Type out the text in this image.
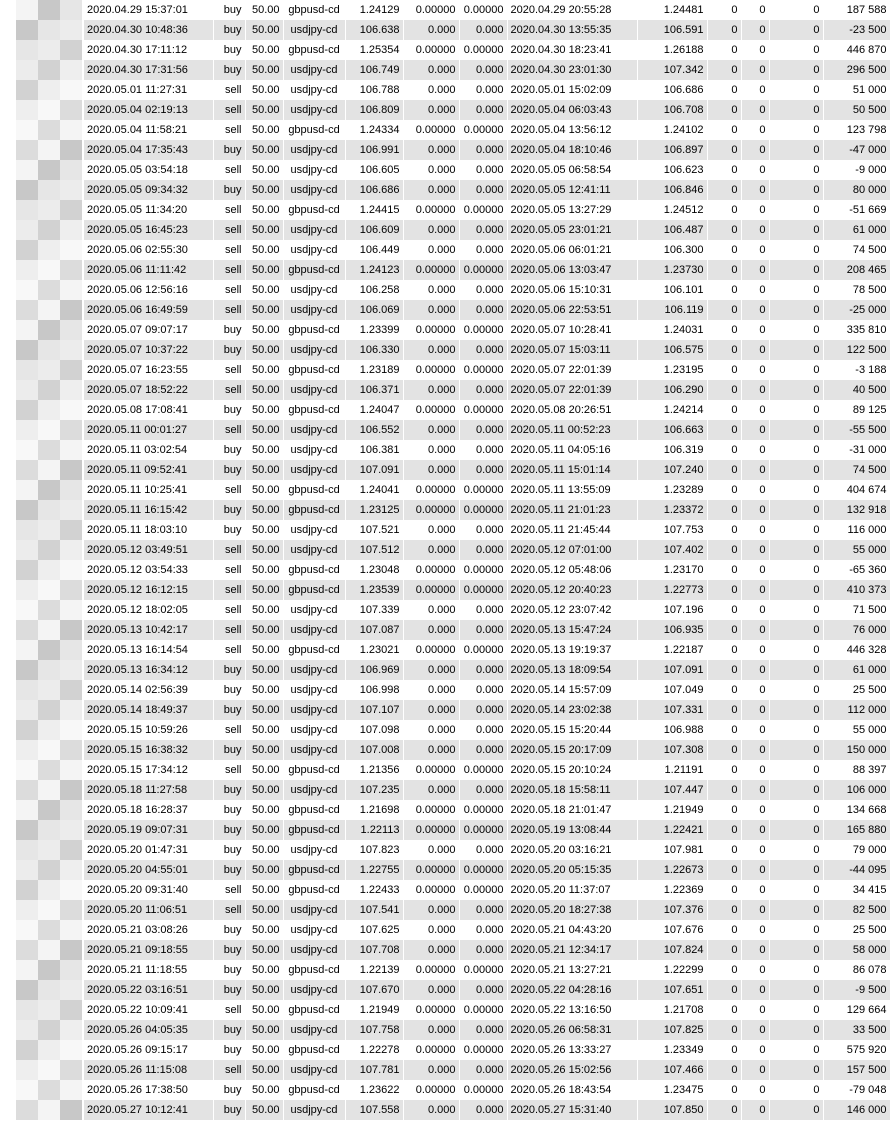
2020.04.29 15:37:01	buy	50.00	gbpusd-cd	1.24129	0.00000	0.00000	2020.04.29 20:55:28	1.24481	0	0	0	187 588
2020.04.30 10:48:36	buy	50.00	usdjpy-cd	106.638	0.000	0.000	2020.04.30 13:55:35	106.591	0	0	0	-23 500
2020.04.30 17:11:12	buy	50.00	gbpusd-cd	1.25354	0.00000	0.00000	2020.04.30 18:23:41	1.26188	0	0	0	446 870
2020.04.30 17:31:56	buy	50.00	usdjpy-cd	106.749	0.000	0.000	2020.04.30 23:01:30	107.342	0	0	0	296 500
2020.05.01 11:27:31	sell	50.00	usdjpy-cd	106.788	0.000	0.000	2020.05.01 15:02:09	106.686	0	0	0	51 000
2020.05.04 02:19:13	sell	50.00	usdjpy-cd	106.809	0.000	0.000	2020.05.04 06:03:43	106.708	0	0	0	50 500
2020.05.04 11:58:21	sell	50.00	gbpusd-cd	1.24334	0.00000	0.00000	2020.05.04 13:56:12	1.24102	0	0	0	123 798
2020.05.04 17:35:43	buy	50.00	usdjpy-cd	106.991	0.000	0.000	2020.05.04 18:10:46	106.897	0	0	0	-47 000
2020.05.05 03:54:18	sell	50.00	usdjpy-cd	106.605	0.000	0.000	2020.05.05 06:58:54	106.623	0	0	0	-9 000
2020.05.05 09:34:32	buy	50.00	usdjpy-cd	106.686	0.000	0.000	2020.05.05 12:41:11	106.846	0	0	0	80 000
2020.05.05 11:34:20	sell	50.00	gbpusd-cd	1.24415	0.00000	0.00000	2020.05.05 13:27:29	1.24512	0	0	0	-51 669
2020.05.05 16:45:23	sell	50.00	usdjpy-cd	106.609	0.000	0.000	2020.05.05 23:01:21	106.487	0	0	0	61 000
2020.05.06 02:55:30	sell	50.00	usdjpy-cd	106.449	0.000	0.000	2020.05.06 06:01:21	106.300	0	0	0	74 500
2020.05.06 11:11:42	sell	50.00	gbpusd-cd	1.24123	0.00000	0.00000	2020.05.06 13:03:47	1.23730	0	0	0	208 465
2020.05.06 12:56:16	sell	50.00	usdjpy-cd	106.258	0.000	0.000	2020.05.06 15:10:31	106.101	0	0	0	78 500
2020.05.06 16:49:59	sell	50.00	usdjpy-cd	106.069	0.000	0.000	2020.05.06 22:53:51	106.119	0	0	0	-25 000
2020.05.07 09:07:17	buy	50.00	gbpusd-cd	1.23399	0.00000	0.00000	2020.05.07 10:28:41	1.24031	0	0	0	335 810
2020.05.07 10:37:22	buy	50.00	usdjpy-cd	106.330	0.000	0.000	2020.05.07 15:03:11	106.575	0	0	0	122 500
2020.05.07 16:23:55	sell	50.00	gbpusd-cd	1.23189	0.00000	0.00000	2020.05.07 22:01:39	1.23195	0	0	0	-3 188
2020.05.07 18:52:22	sell	50.00	usdjpy-cd	106.371	0.000	0.000	2020.05.07 22:01:39	106.290	0	0	0	40 500
2020.05.08 17:08:41	buy	50.00	gbpusd-cd	1.24047	0.00000	0.00000	2020.05.08 20:26:51	1.24214	0	0	0	89 125
2020.05.11 00:01:27	sell	50.00	usdjpy-cd	106.552	0.000	0.000	2020.05.11 00:52:23	106.663	0	0	0	-55 500
2020.05.11 03:02:54	buy	50.00	usdjpy-cd	106.381	0.000	0.000	2020.05.11 04:05:16	106.319	0	0	0	-31 000
2020.05.11 09:52:41	buy	50.00	usdjpy-cd	107.091	0.000	0.000	2020.05.11 15:01:14	107.240	0	0	0	74 500
2020.05.11 10:25:41	sell	50.00	gbpusd-cd	1.24041	0.00000	0.00000	2020.05.11 13:55:09	1.23289	0	0	0	404 674
2020.05.11 16:15:42	buy	50.00	gbpusd-cd	1.23125	0.00000	0.00000	2020.05.11 21:01:23	1.23372	0	0	0	132 918
2020.05.11 18:03:10	buy	50.00	usdjpy-cd	107.521	0.000	0.000	2020.05.11 21:45:44	107.753	0	0	0	116 000
2020.05.12 03:49:51	sell	50.00	usdjpy-cd	107.512	0.000	0.000	2020.05.12 07:01:00	107.402	0	0	0	55 000
2020.05.12 03:54:33	sell	50.00	gbpusd-cd	1.23048	0.00000	0.00000	2020.05.12 05:48:06	1.23170	0	0	0	-65 360
2020.05.12 16:12:15	sell	50.00	gbpusd-cd	1.23539	0.00000	0.00000	2020.05.12 20:40:23	1.22773	0	0	0	410 373
2020.05.12 18:02:05	sell	50.00	usdjpy-cd	107.339	0.000	0.000	2020.05.12 23:07:42	107.196	0	0	0	71 500
2020.05.13 10:42:17	sell	50.00	usdjpy-cd	107.087	0.000	0.000	2020.05.13 15:47:24	106.935	0	0	0	76 000
2020.05.13 16:14:54	sell	50.00	gbpusd-cd	1.23021	0.00000	0.00000	2020.05.13 19:19:37	1.22187	0	0	0	446 328
2020.05.13 16:34:12	buy	50.00	usdjpy-cd	106.969	0.000	0.000	2020.05.13 18:09:54	107.091	0	0	0	61 000
2020.05.14 02:56:39	buy	50.00	usdjpy-cd	106.998	0.000	0.000	2020.05.14 15:57:09	107.049	0	0	0	25 500
2020.05.14 18:49:37	buy	50.00	usdjpy-cd	107.107	0.000	0.000	2020.05.14 23:02:38	107.331	0	0	0	112 000
2020.05.15 10:59:26	sell	50.00	usdjpy-cd	107.098	0.000	0.000	2020.05.15 15:20:44	106.988	0	0	0	55 000
2020.05.15 16:38:32	buy	50.00	usdjpy-cd	107.008	0.000	0.000	2020.05.15 20:17:09	107.308	0	0	0	150 000
2020.05.15 17:34:12	sell	50.00	gbpusd-cd	1.21356	0.00000	0.00000	2020.05.15 20:10:24	1.21191	0	0	0	88 397
2020.05.18 11:27:58	buy	50.00	usdjpy-cd	107.235	0.000	0.000	2020.05.18 15:58:11	107.447	0	0	0	106 000
2020.05.18 16:28:37	buy	50.00	gbpusd-cd	1.21698	0.00000	0.00000	2020.05.18 21:01:47	1.21949	0	0	0	134 668
2020.05.19 09:07:31	buy	50.00	gbpusd-cd	1.22113	0.00000	0.00000	2020.05.19 13:08:44	1.22421	0	0	0	165 880
2020.05.20 01:47:31	buy	50.00	usdjpy-cd	107.823	0.000	0.000	2020.05.20 03:16:21	107.981	0	0	0	79 000
2020.05.20 04:55:01	buy	50.00	gbpusd-cd	1.22755	0.00000	0.00000	2020.05.20 05:15:35	1.22673	0	0	0	-44 095
2020.05.20 09:31:40	sell	50.00	gbpusd-cd	1.22433	0.00000	0.00000	2020.05.20 11:37:07	1.22369	0	0	0	34 415
2020.05.20 11:06:51	sell	50.00	usdjpy-cd	107.541	0.000	0.000	2020.05.20 18:27:38	107.376	0	0	0	82 500
2020.05.21 03:08:26	buy	50.00	usdjpy-cd	107.625	0.000	0.000	2020.05.21 04:43:20	107.676	0	0	0	25 500
2020.05.21 09:18:55	buy	50.00	usdjpy-cd	107.708	0.000	0.000	2020.05.21 12:34:17	107.824	0	0	0	58 000
2020.05.21 11:18:55	buy	50.00	gbpusd-cd	1.22139	0.00000	0.00000	2020.05.21 13:27:21	1.22299	0	0	0	86 078
2020.05.22 03:16:51	buy	50.00	usdjpy-cd	107.670	0.000	0.000	2020.05.22 04:28:16	107.651	0	0	0	-9 500
2020.05.22 10:09:41	sell	50.00	gbpusd-cd	1.21949	0.00000	0.00000	2020.05.22 13:16:50	1.21708	0	0	0	129 664
2020.05.26 04:05:35	buy	50.00	usdjpy-cd	107.758	0.000	0.000	2020.05.26 06:58:31	107.825	0	0	0	33 500
2020.05.26 09:15:17	buy	50.00	gbpusd-cd	1.22278	0.00000	0.00000	2020.05.26 13:33:27	1.23349	0	0	0	575 920
2020.05.26 11:15:08	sell	50.00	usdjpy-cd	107.781	0.000	0.000	2020.05.26 15:02:56	107.466	0	0	0	157 500
2020.05.26 17:38:50	buy	50.00	gbpusd-cd	1.23622	0.00000	0.00000	2020.05.26 18:43:54	1.23475	0	0	0	-79 048
2020.05.27 10:12:41	buy	50.00	usdjpy-cd	107.558	0.000	0.000	2020.05.27 15:31:40	107.850	0	0	0	146 000
